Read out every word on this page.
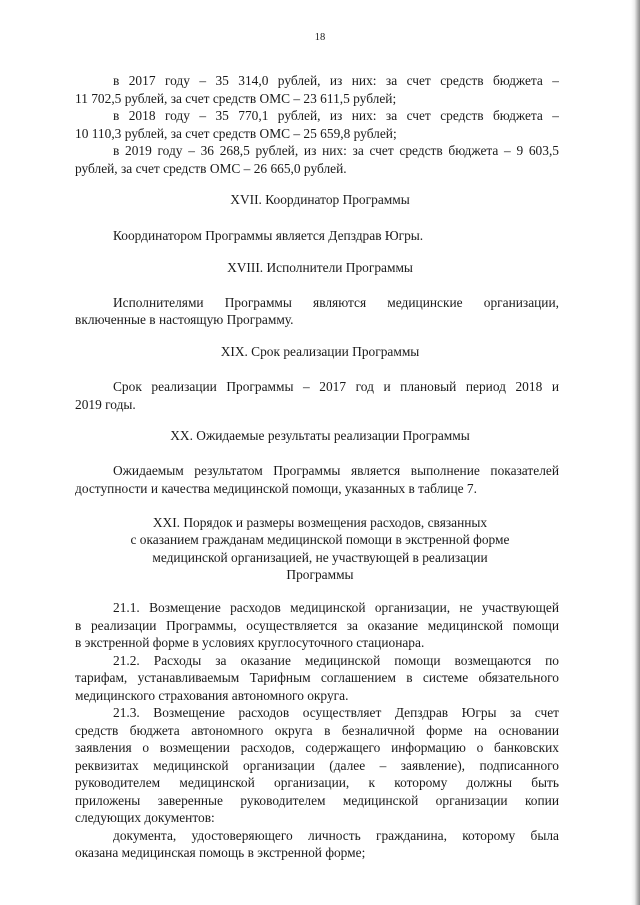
18
в 2017 году – 35 314,0 рублей, из них: за счет средств бюджета –
11 702,5 рублей, за счет средств ОМС – 23 611,5 рублей;
в 2018 году – 35 770,1 рублей, из них: за счет средств бюджета –
10 110,3 рублей, за счет средств ОМС – 25 659,8 рублей;
в 2019 году – 36 268,5 рублей, из них: за счет средств бюджета – 9 603,5
рублей, за счет средств ОМС – 26 665,0 рублей.
XVII. Координатор Программы
Координатором Программы является Депздрав Югры.
XVIII. Исполнители Программы
Исполнителями Программы являются медицинские организации,
включенные в настоящую Программу.
XIX. Срок реализации Программы
Срок реализации Программы – 2017 год и плановый период 2018 и
2019 годы.
XX. Ожидаемые результаты реализации Программы
Ожидаемым результатом Программы является выполнение показателей
доступности и качества медицинской помощи, указанных в таблице 7.
XXI. Порядок и размеры возмещения расходов, связанных
с оказанием гражданам медицинской помощи в экстренной форме
медицинской организацией, не участвующей в реализации
Программы
21.1. Возмещение расходов медицинской организации, не участвующей
в реализации Программы, осуществляется за оказание медицинской помощи
в экстренной форме в условиях круглосуточного стационара.
21.2. Расходы за оказание медицинской помощи возмещаются по
тарифам, устанавливаемым Тарифным соглашением в системе обязательного
медицинского страхования автономного округа.
21.3. Возмещение расходов осуществляет Депздрав Югры за счет
средств бюджета автономного округа в безналичной форме на основании
заявления о возмещении расходов, содержащего информацию о банковских
реквизитах медицинской организации (далее – заявление), подписанного
руководителем медицинской организации, к которому должны быть
приложены заверенные руководителем медицинской организации копии
следующих документов:
документа, удостоверяющего личность гражданина, которому была
оказана медицинская помощь в экстренной форме;
